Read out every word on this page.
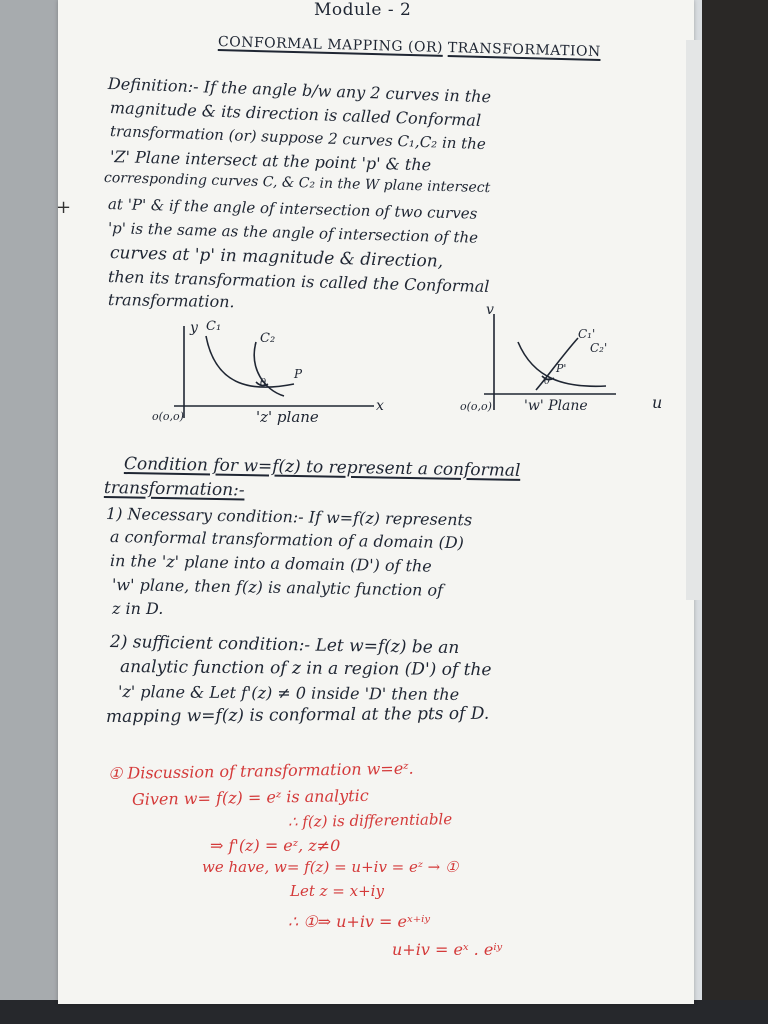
Module - 2
CONFORMAL MAPPING (OR) TRANSFORMATION
Definition:- If the angle b/w any 2 curves in the
magnitude & its direction is called Conformal
transformation (or) suppose 2 curves C₁,C₂ in the
'Z' Plane intersect at the point 'p' & the
corresponding curves C, & C₂ in the W plane intersect
at 'P' & if the angle of intersection of two curves
'p' is the same as the angle of intersection of the
curves at 'p' in magnitude & direction,
then its transformation is called the Conformal
transformation.
+
y C₁
C₂
P
θ
x
o(o,o)	'z' plane
v
C₁'
C₂'
P'
θ
o(o,o) 'w' Plane	u
Condition for w=f(z) to represent a conformal
transformation:-
1) Necessary condition:- If w=f(z) represents
a conformal transformation of a domain (D)
in the 'z' plane into a domain (D') of the
'w' plane, then f(z) is analytic function of
z in D.
2) sufficient condition:- Let w=f(z) be an
analytic function of z in a region (D') of the
'z' plane & Let f'(z) ≠ 0 inside 'D' then the
mapping w=f(z) is conformal at the pts of D.
① Discussion of transformation w=eᶻ.
Given w= f(z) = eᶻ is analytic
∴ f(z) is differentiable
⇒ f'(z) = eᶻ, z≠0
we have, w= f(z) = u+iv = eᶻ → ①
Let z = x+iy
∴ ①⇒ u+iv = eˣ⁺ⁱʸ
u+iv = eˣ . eⁱʸ
